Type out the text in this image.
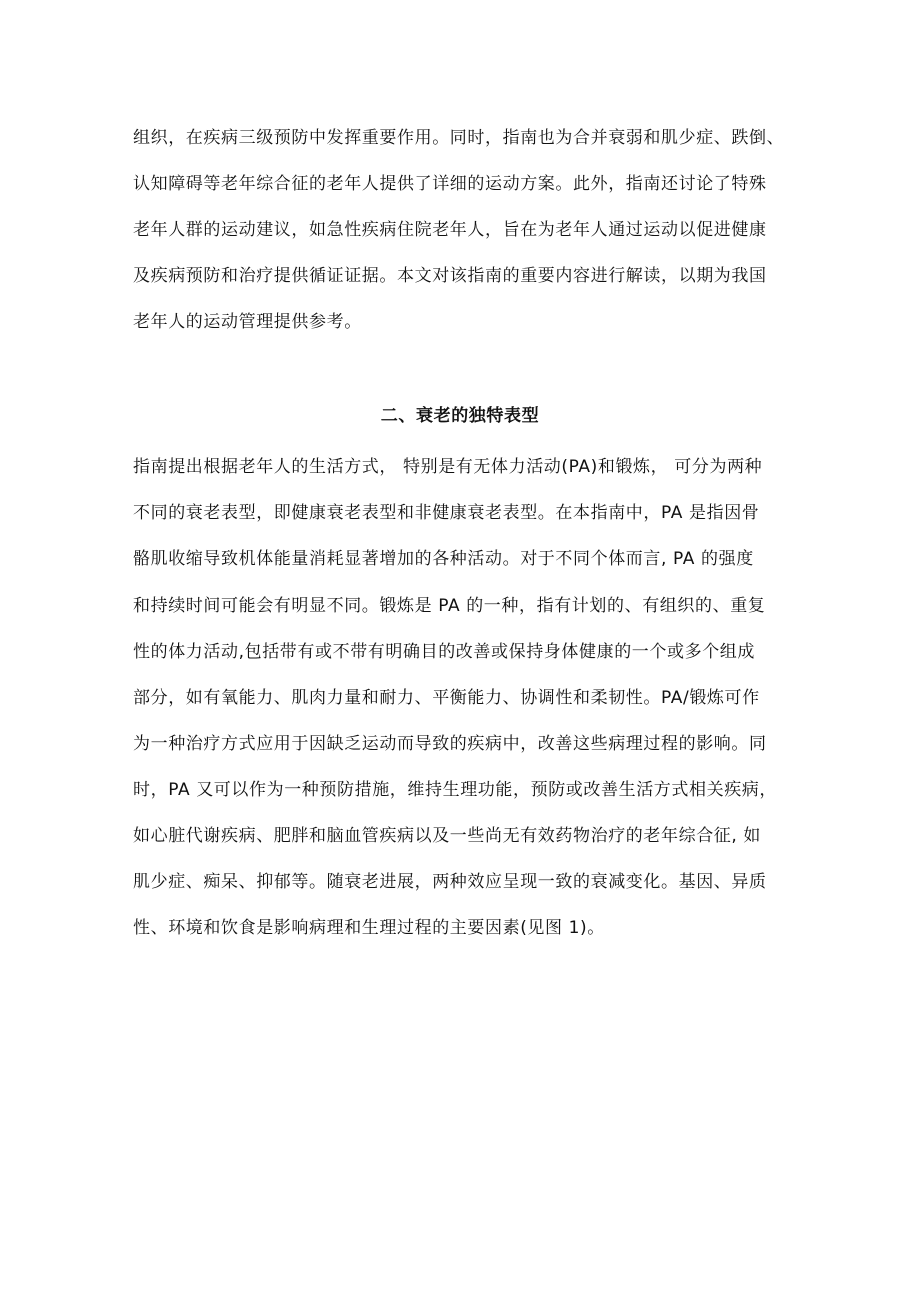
组织，在疾病三级预防中发挥重要作用。同时，指南也为合并衰弱和肌少症、跌倒、
认知障碍等老年综合征的老年人提供了详细的运动方案。此外，指南还讨论了特殊
老年人群的运动建议，如急性疾病住院老年人，旨在为老年人通过运动以促进健康
及疾病预防和治疗提供循证证据。本文对该指南的重要内容进行解读，以期为我国
老年人的运动管理提供参考。
二、衰老的独特表型
指南提出根据老年人的生活方式， 特别是有无体力活动(PA)和锻炼， 可分为两种
不同的衰老表型，即健康衰老表型和非健康衰老表型。在本指南中，PA 是指因骨
骼肌收缩导致机体能量消耗显著增加的各种活动。对于不同个体而言, PA 的强度
和持续时间可能会有明显不同。锻炼是 PA 的一种，指有计划的、有组织的、重复
性的体力活动,包括带有或不带有明确目的改善或保持身体健康的一个或多个组成
部分，如有氧能力、肌肉力量和耐力、平衡能力、协调性和柔韧性。PA/锻炼可作
为一种治疗方式应用于因缺乏运动而导致的疾病中，改善这些病理过程的影响。同
时，PA 又可以作为一种预防措施，维持生理功能，预防或改善生活方式相关疾病，
如心脏代谢疾病、肥胖和脑血管疾病以及一些尚无有效药物治疗的老年综合征, 如
肌少症、痴呆、抑郁等。随衰老进展，两种效应呈现一致的衰减变化。基因、异质
性、环境和饮食是影响病理和生理过程的主要因素(见图 1)。
